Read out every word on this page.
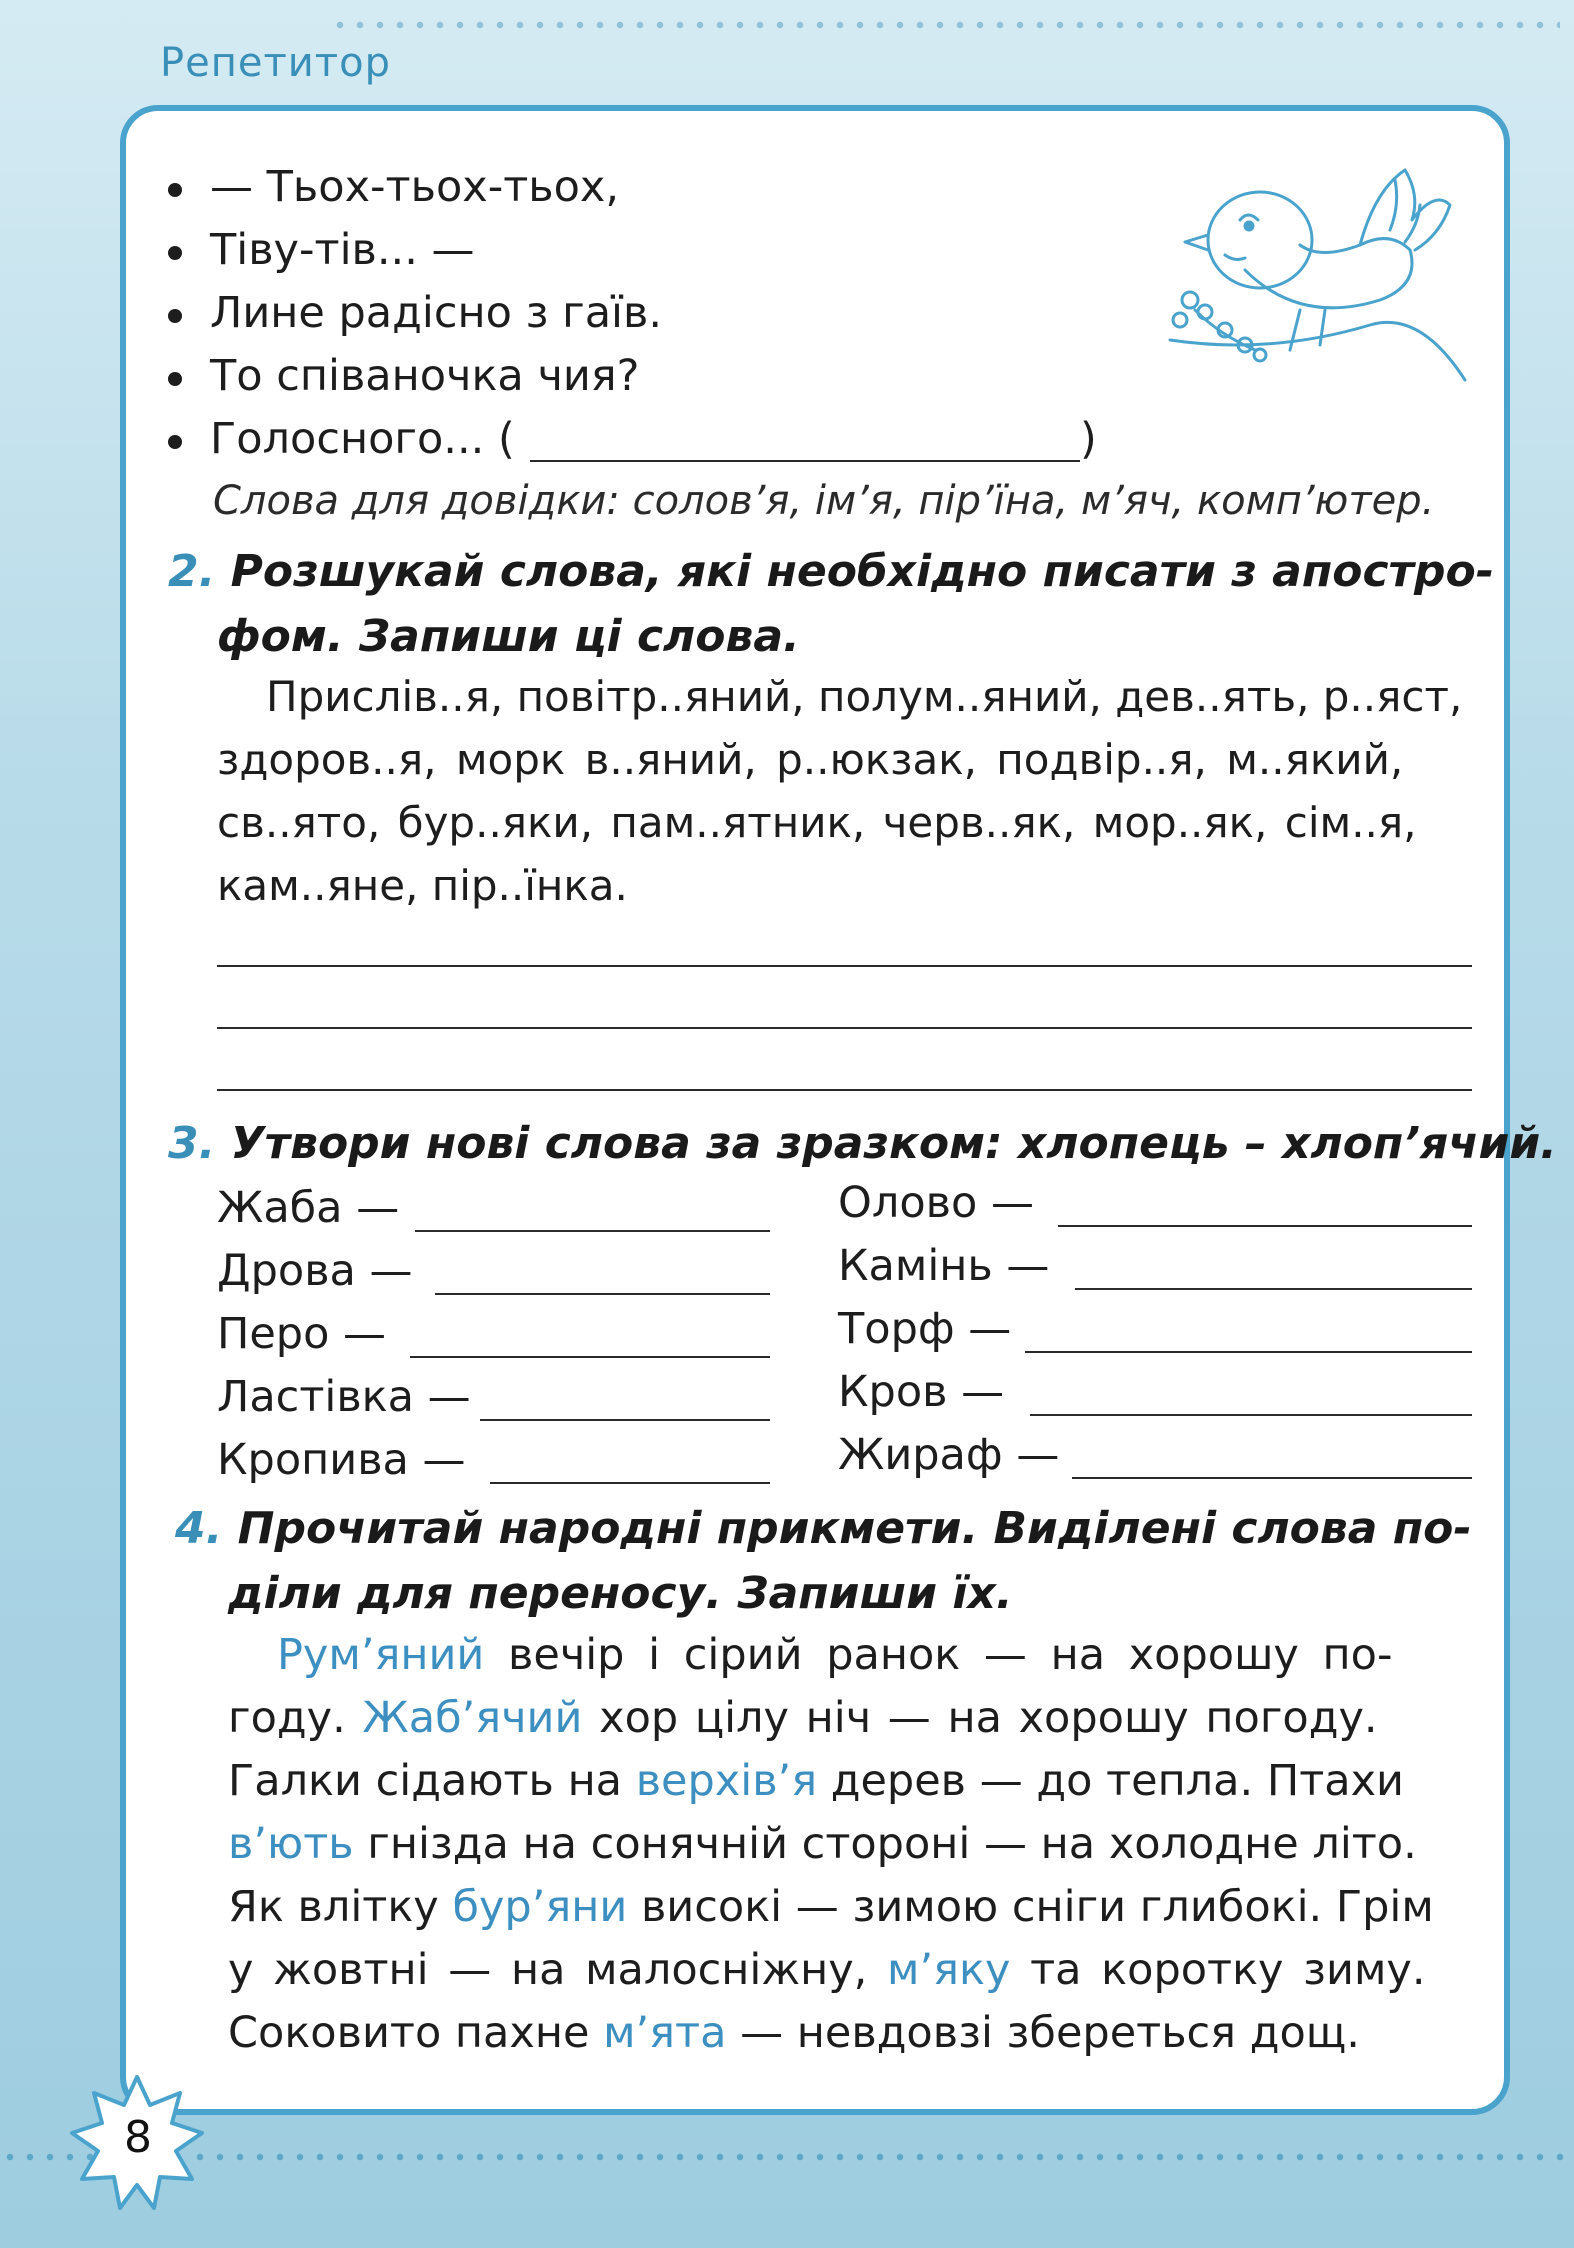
Репетитор
— Тьох-тьох-тьох,
Тіву-тів... —
Лине радісно з гаїв.
То співаночка чия?
Голосного... (	)
Слова для довідки: солов’я, ім’я, пір’їна, м’яч, комп’ютер.
2. Розшукай слова, які необхідно писати з апостро-
фом. Запиши ці слова.
Прислів..я, повітр..яний, полум..яний, дев..ять, р..яст,
здоров..я, морк в..яний, р..юкзак, подвір..я, м..який,
св..ято, бур..яки, пам..ятник, черв..як, мор..як, сім..я,
кам..яне, пір..їнка.
3. Утвори нові слова за зразком: хлопець – хлоп’ячий.
Жаба —
Дрова —
Перо —
Ластівка —
Кропива —
Олово —
Камінь —
Торф —
Кров —
Жираф —
4. Прочитай народні прикмети. Виділені слова по-
діли для переносу. Запиши їх.
Рум’яний вечір і сірий ранок — на хорошу по-
году. Жаб’ячий хор цілу ніч — на хорошу погоду.
Галки сідають на верхів’я дерев — до тепла. Птахи
в’ють гнізда на сонячній стороні — на холодне літо.
Як влітку бур’яни високі — зимою сніги глибокі. Грім
у жовтні — на малосніжну, м’яку та коротку зиму.
Соковито пахне м’ята — невдовзі збереться дощ.
8
